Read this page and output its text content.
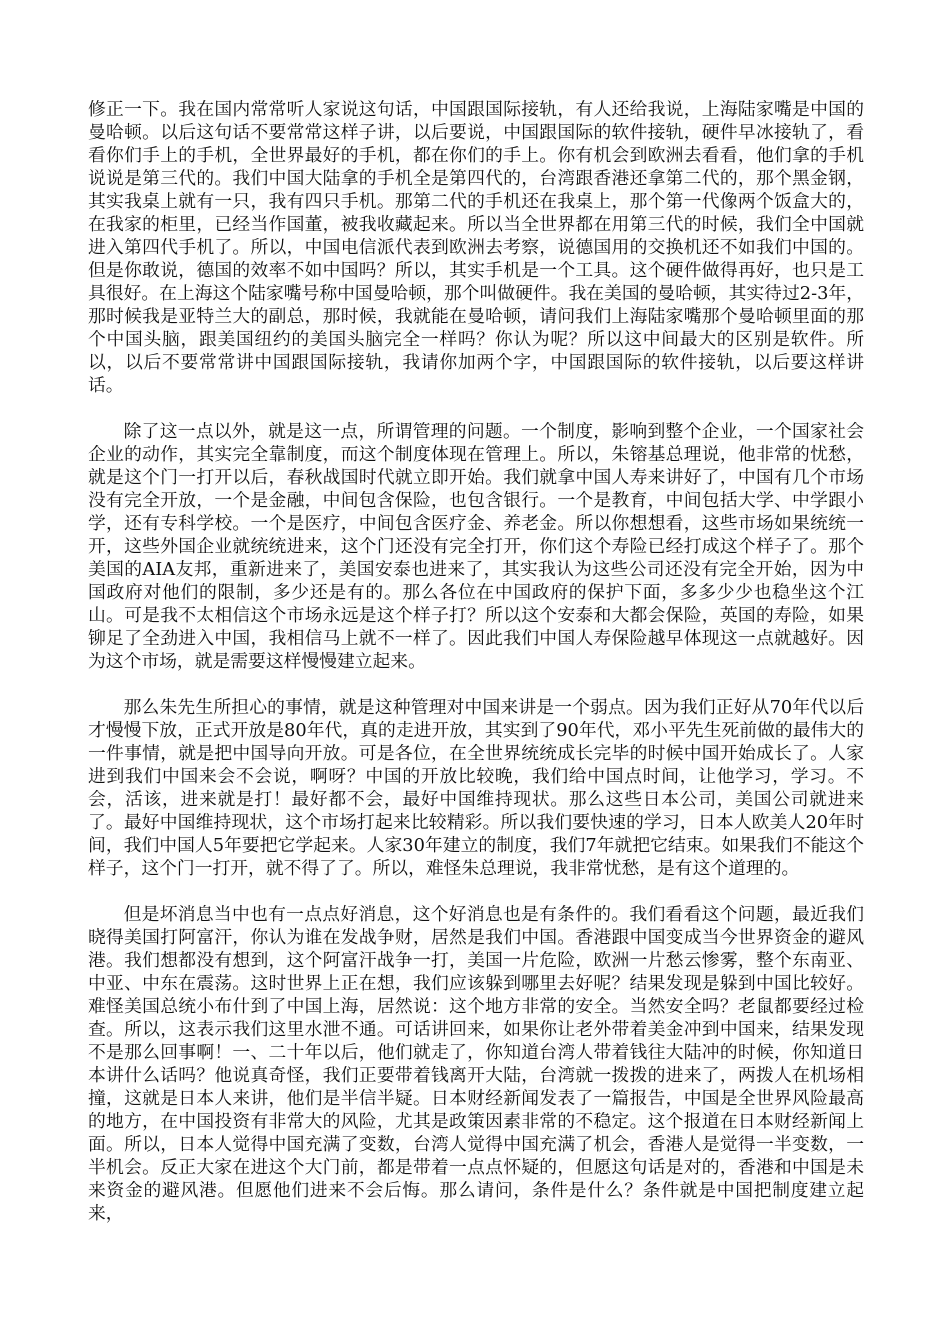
修正一下。我在国内常常听人家说这句话，中国跟国际接轨，有人还给我说，上海陆家嘴是中国的曼哈顿。以后这句话不要常常这样子讲，以后要说，中国跟国际的软件接轨，硬件早冰接轨了，看看你们手上的手机，全世界最好的手机，都在你们的手上。你有机会到欧洲去看看，他们拿的手机说说是第三代的。我们中国大陆拿的手机全是第四代的，台湾跟香港还拿第二代的，那个黑金钢，其实我桌上就有一只，我有四只手机。那第二代的手机还在我桌上，那个第一代像两个饭盒大的，在我家的柜里，已经当作国董，被我收藏起来。所以当全世界都在用第三代的时候，我们全中国就进入第四代手机了。所以，中国电信派代表到欧洲去考察，说德国用的交换机还不如我们中国的。但是你敢说，德国的效率不如中国吗？所以，其实手机是一个工具。这个硬件做得再好，也只是工具很好。在上海这个陆家嘴号称中国曼哈顿，那个叫做硬件。我在美国的曼哈顿，其实待过2-3年，那时候我是亚特兰大的副总，那时候，我就能在曼哈顿，请问我们上海陆家嘴那个曼哈顿里面的那个中国头脑，跟美国纽约的美国头脑完全一样吗？你认为呢？所以这中间最大的区别是软件。所以，以后不要常常讲中国跟国际接轨，我请你加两个字，中国跟国际的软件接轨，以后要这样讲话。

除了这一点以外，就是这一点，所谓管理的问题。一个制度，影响到整个企业，一个国家社会企业的动作，其实完全靠制度，而这个制度体现在管理上。所以，朱镕基总理说，他非常的忧愁，就是这个门一打开以后，春秋战国时代就立即开始。我们就拿中国人寿来讲好了，中国有几个市场没有完全开放，一个是金融，中间包含保险，也包含银行。一个是教育，中间包括大学、中学跟小学，还有专科学校。一个是医疗，中间包含医疗金、养老金。所以你想想看，这些市场如果统统一开，这些外国企业就统统进来，这个门还没有完全打开，你们这个寿险已经打成这个样子了。那个美国的AIA友邦，重新进来了，美国安泰也进来了，其实我认为这些公司还没有完全开始，因为中国政府对他们的限制，多少还是有的。那么各位在中国政府的保护下面，多多少少也稳坐这个江山。可是我不太相信这个市场永远是这个样子打？所以这个安泰和大都会保险，英国的寿险，如果铆足了全劲进入中国，我相信马上就不一样了。因此我们中国人寿保险越早体现这一点就越好。因为这个市场，就是需要这样慢慢建立起来。

那么朱先生所担心的事情，就是这种管理对中国来讲是一个弱点。因为我们正好从70年代以后才慢慢下放，正式开放是80年代，真的走进开放，其实到了90年代，邓小平先生死前做的最伟大的一件事情，就是把中国导向开放。可是各位，在全世界统统成长完毕的时候中国开始成长了。人家进到我们中国来会不会说，啊呀？中国的开放比较晚，我们给中国点时间，让他学习，学习。不会，活该，进来就是打！最好都不会，最好中国维持现状。那么这些日本公司，美国公司就进来了。最好中国维持现状，这个市场打起来比较精彩。所以我们要快速的学习，日本人欧美人20年时间，我们中国人5年要把它学起来。人家30年建立的制度，我们7年就把它结束。如果我们不能这个样子，这个门一打开，就不得了了。所以，难怪朱总理说，我非常忧愁，是有这个道理的。

但是坏消息当中也有一点点好消息，这个好消息也是有条件的。我们看看这个问题，最近我们晓得美国打阿富汗，你认为谁在发战争财，居然是我们中国。香港跟中国变成当今世界资金的避风港。我们想都没有想到，这个阿富汗战争一打，美国一片危险，欧洲一片愁云惨雾，整个东南亚、中亚、中东在震荡。这时世界上正在想，我们应该躲到哪里去好呢？结果发现是躲到中国比较好。难怪美国总统小布什到了中国上海，居然说：这个地方非常的安全。当然安全吗？老鼠都要经过检查。所以，这表示我们这里水泄不通。可话讲回来，如果你让老外带着美金冲到中国来，结果发现不是那么回事啊！一、二十年以后，他们就走了，你知道台湾人带着钱往大陆冲的时候，你知道日本讲什么话吗？他说真奇怪，我们正要带着钱离开大陆，台湾就一拨拨的进来了，两拨人在机场相撞，这就是日本人来讲，他们是半信半疑。日本财经新闻发表了一篇报告，中国是全世界风险最高的地方，在中国投资有非常大的风险，尤其是政策因素非常的不稳定。这个报道在日本财经新闻上面。所以，日本人觉得中国充满了变数，台湾人觉得中国充满了机会，香港人是觉得一半变数，一半机会。反正大家在进这个大门前，都是带着一点点怀疑的，但愿这句话是对的，香港和中国是未来资金的避风港。但愿他们进来不会后悔。那么请问，条件是什么？条件就是中国把制度建立起来，
